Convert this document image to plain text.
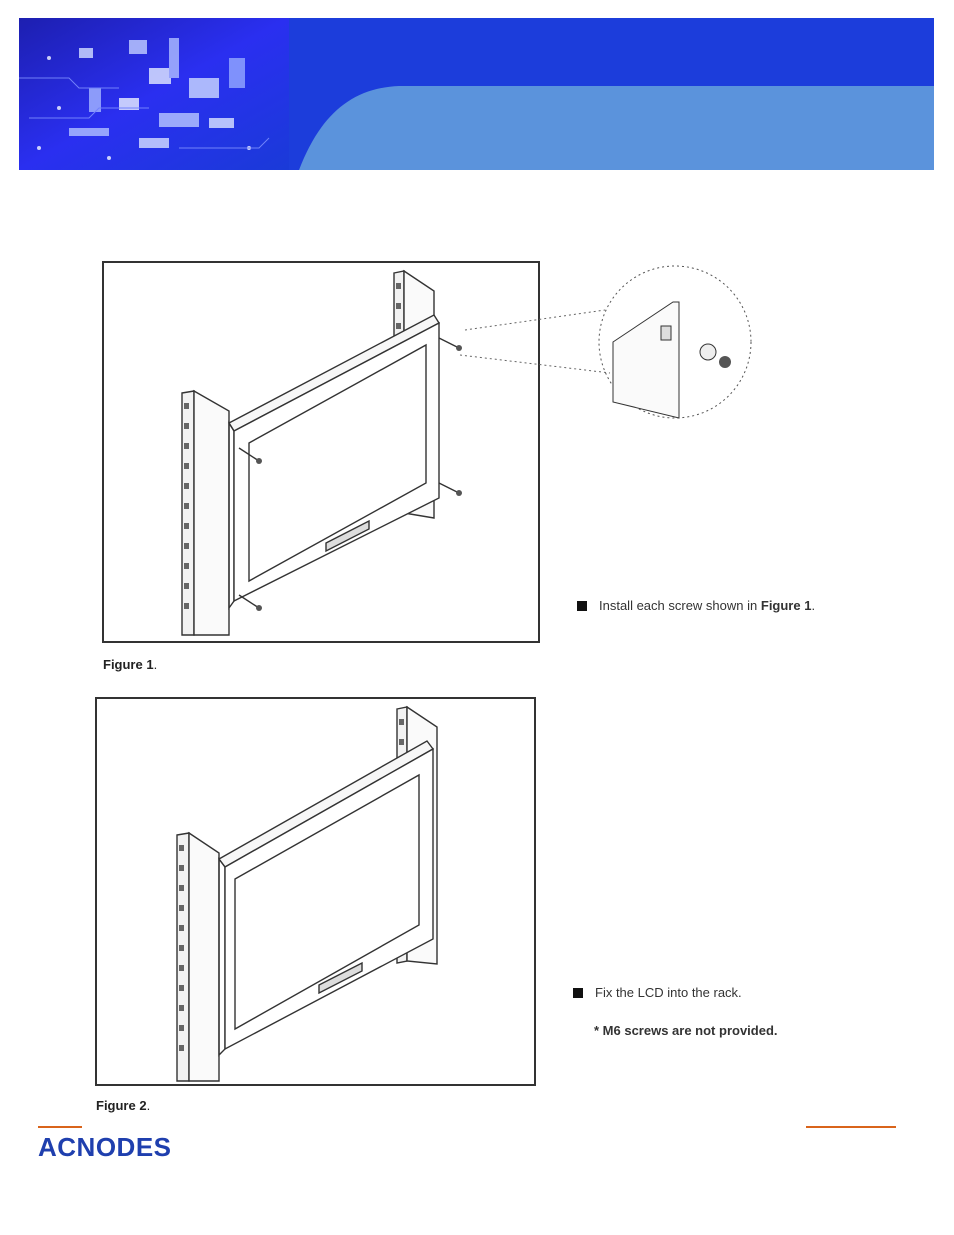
Figure 1.
Install each screw shown in
Figure 1 .
Figure 2.
Fix the LCD into the rack.
* M6 screws are not provided.
ACNODES
